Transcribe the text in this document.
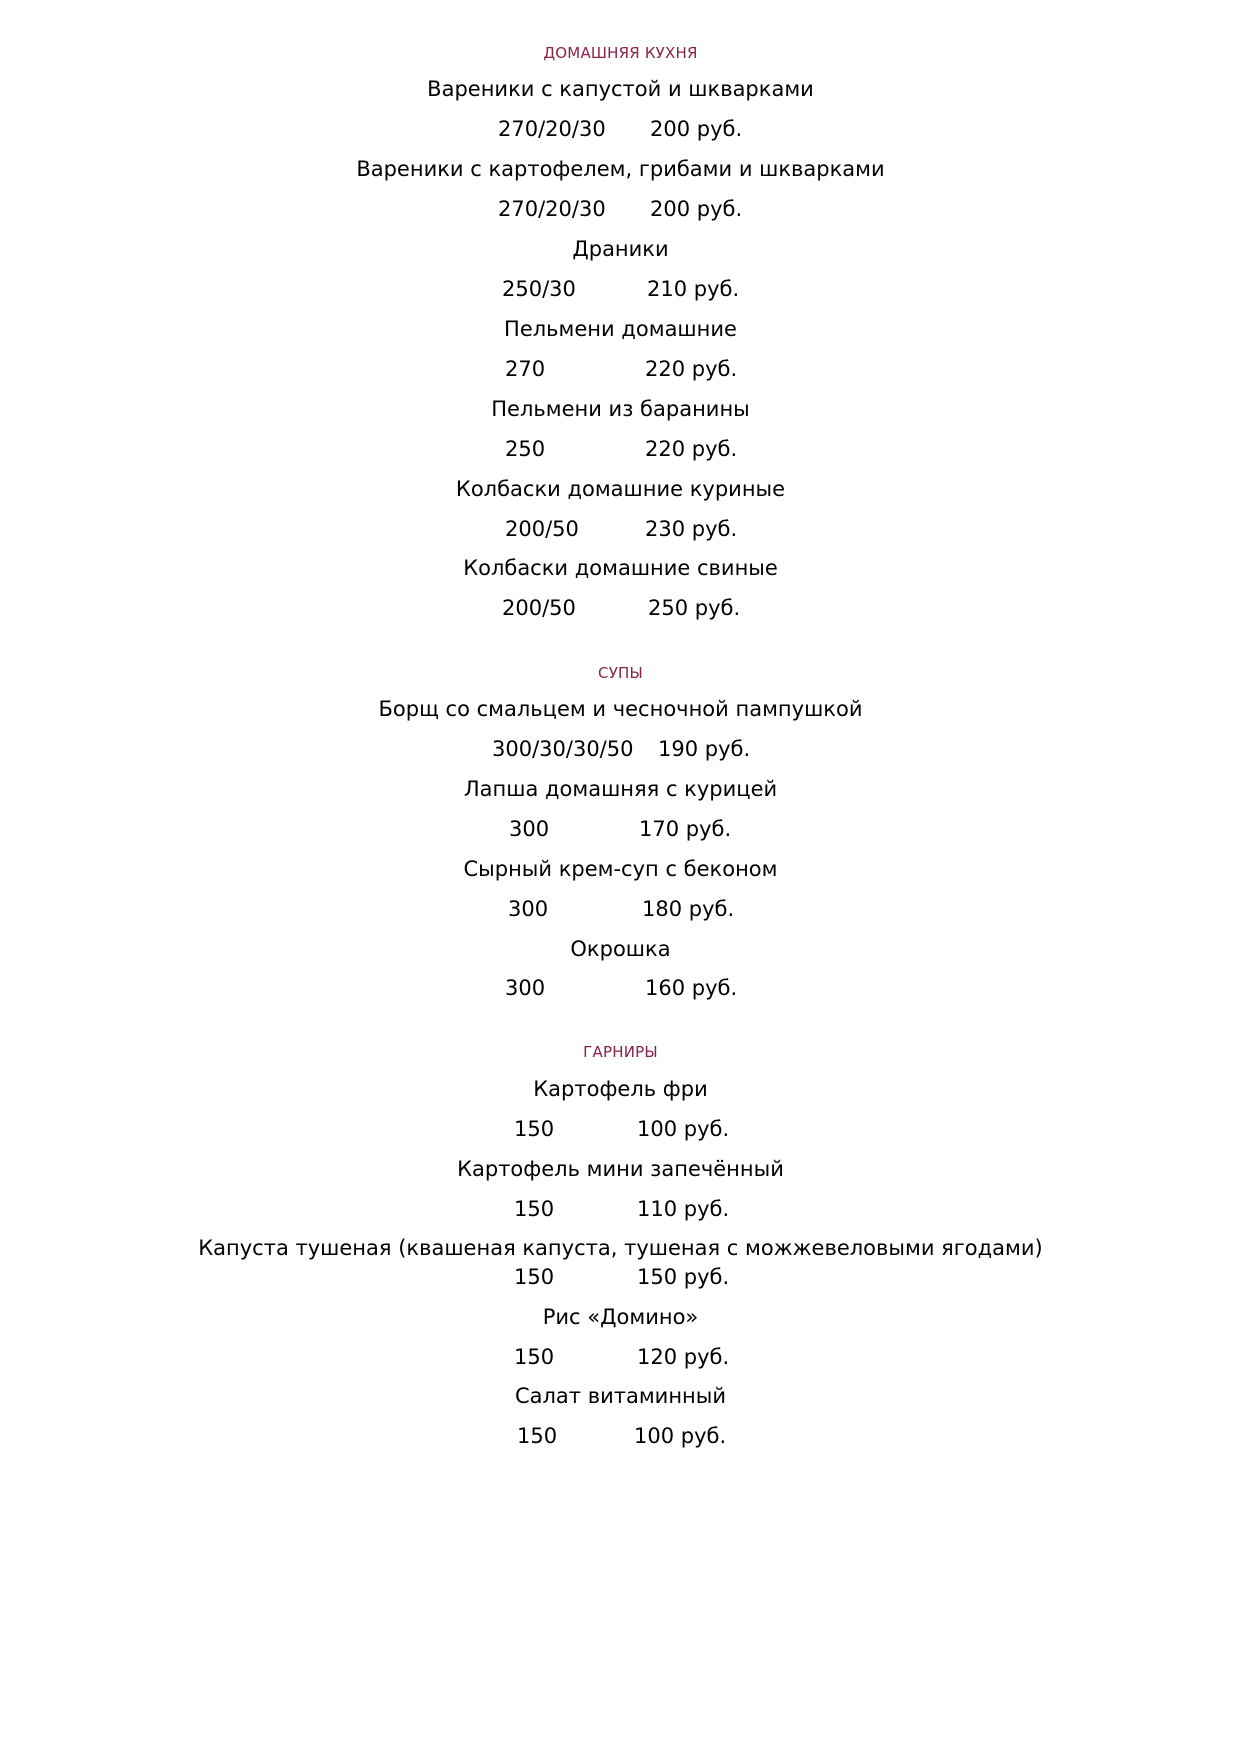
ДОМАШНЯЯ КУХНЯ
Вареники с капустой и шкварками
270/20/30 200 руб.
Вареники с картофелем, грибами и шкварками
270/20/30 200 руб.
Драники
250/30	210 руб.
Пельмени домашние
270	220 руб.
Пельмени из баранины
250	220 руб.
Колбаски домашние куриные
200/50	230 руб.
Колбаски домашние свиные
200/50	250 руб.
СУПЫ
Борщ со смальцем и чесночной пампушкой
300/30/30/50 190 руб.
Лапша домашняя с курицей
300	170 руб.
Сырный крем-суп с беконом
300	180 руб.
Окрошка
300	160 руб.
ГАРНИРЫ
Картофель фри
150	100 руб.
Картофель мини запечённый
150	110 руб.
Капуста тушеная (квашеная капуста, тушеная с можжевеловыми ягодами)
150	150 руб.
Рис «Домино»
150	120 руб.
Салат витаминный
150	100 руб.
